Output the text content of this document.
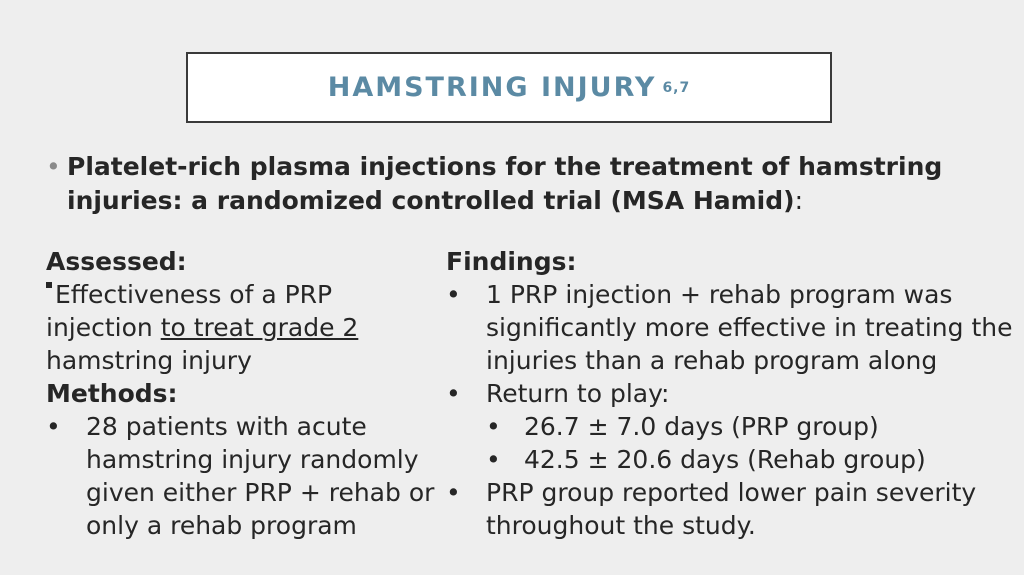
HAMSTRING INJURY 6,7
• Platelet-rich plasma injections for the treatment of hamstring injuries: a randomized controlled trial (MSA Hamid):
Assessed:
Effectiveness of a PRP injection to treat grade 2 hamstring injury
Methods:
•	28 patients with acute hamstring injury randomly given either PRP + rehab or only a rehab program
Findings:
•	1 PRP injection + rehab program was significantly more effective in treating the injuries than a rehab program along
•	Return to play:
• 26.7 ± 7.0 days (PRP group)
• 42.5 ± 20.6 days (Rehab group)
•	PRP group reported lower pain severity throughout the study.
